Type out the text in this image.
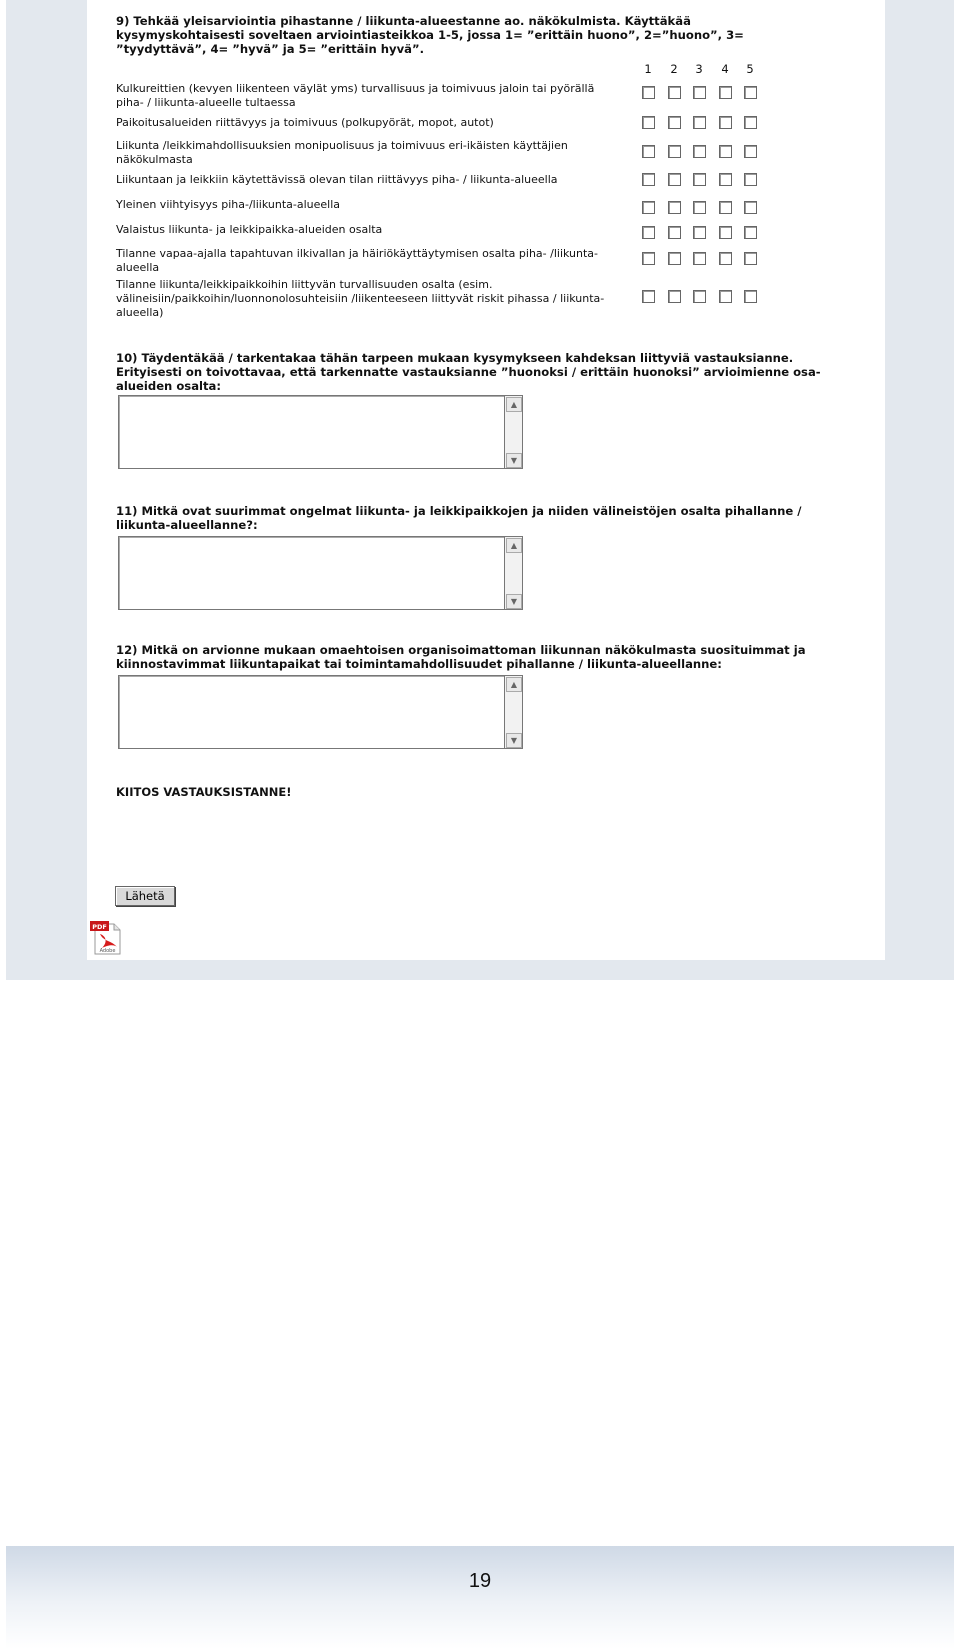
9) Tehkää yleisarviointia pihastanne / liikunta-alueestanne ao. näkökulmista. Käyttäkää kysymyskohtaisesti soveltaen arviointiasteikkoa 1-5, jossa 1= ”erittäin huono”, 2=”huono”, 3= ”tyydyttävä”, 4= ”hyvä” ja 5= ”erittäin hyvä”.

1 2 3 4 5
Kulkureittien (kevyen liikenteen väylät yms) turvallisuus ja toimivuus jaloin tai pyörällä piha- / liikunta-alueelle tultaessa
Paikoitusalueiden riittävyys ja toimivuus (polkupyörät, mopot, autot)
Liikunta /leikkimahdollisuuksien monipuolisuus ja toimivuus eri-ikäisten käyttäjien näkökulmasta
Liikuntaan ja leikkiin käytettävissä olevan tilan riittävyys piha- / liikunta-alueella
Yleinen viihtyisyys piha-/liikunta-alueella
Valaistus liikunta- ja leikkipaikka-alueiden osalta
Tilanne vapaa-ajalla tapahtuvan ilkivallan ja häiriökäyttäytymisen osalta piha- /liikunta-alueella
Tilanne liikunta/leikkipaikkoihin liittyvän turvallisuuden osalta (esim. välineisiin/paikkoihin/luonnonolosuhteisiin /liikenteeseen liittyvät riskit pihassa / liikunta-alueella)

10) Täydentäkää / tarkentakaa tähän tarpeen mukaan kysymykseen kahdeksan liittyviä vastauksianne. Erityisesti on toivottavaa, että tarkennatte vastauksianne ”huonoksi / erittäin huonoksi” arvioimienne osa-alueiden osalta:

▲
▼

11) Mitkä ovat suurimmat ongelmat liikunta- ja leikkipaikkojen ja niiden välineistöjen osalta pihallanne / liikunta-alueellanne?:

▲
▼

12) Mitkä on arvionne mukaan omaehtoisen organisoimattoman liikunnan näkökulmasta suosituimmat ja kiinnostavimmat liikuntapaikat tai toimintamahdollisuudet pihallanne / liikunta-alueellanne:

▲
▼
KIITOS VASTAUKSISTANNE!
Lähetä
PDF
Adobe
19
